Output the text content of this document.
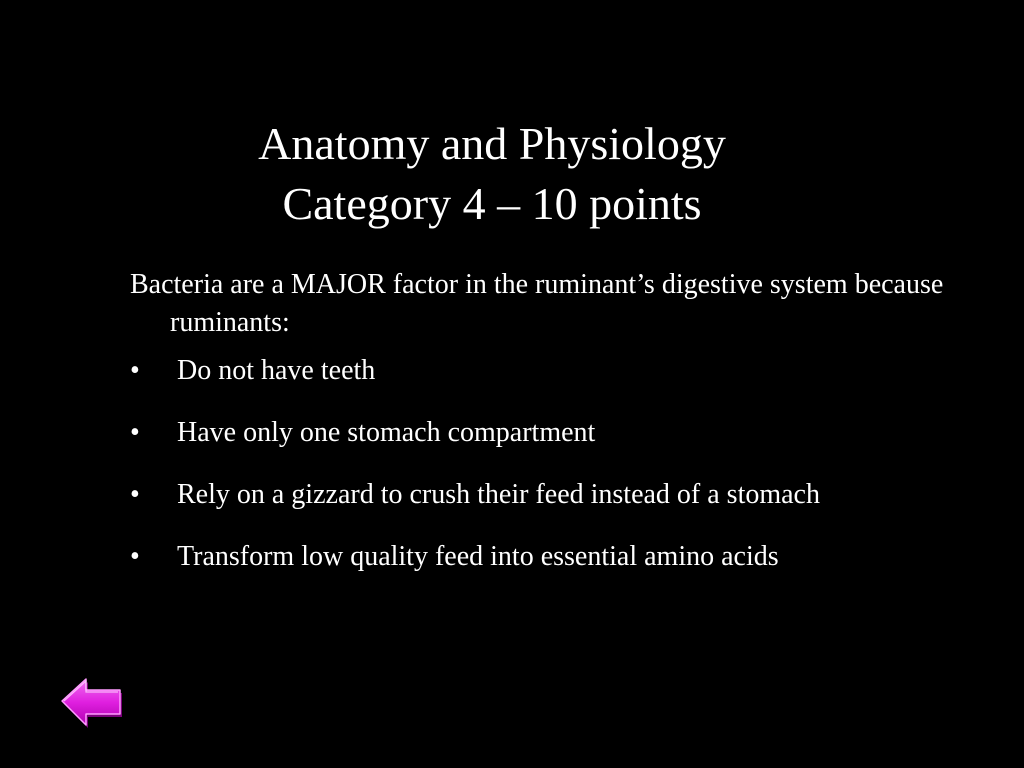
Anatomy and Physiology
Category 4 – 10 points

Bacteria are a MAJOR factor in the ruminant’s digestive system because ruminants:

•	Do not have teeth
•	Have only one stomach compartment
•	Rely on a gizzard to crush their feed instead of a stomach
•	Transform low quality feed into essential amino acids
